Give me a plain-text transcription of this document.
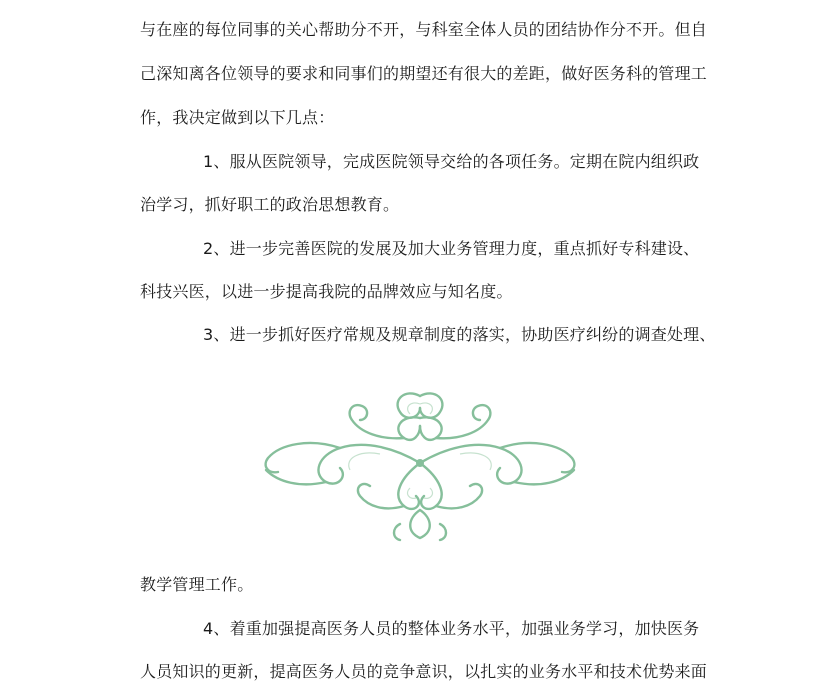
与在座的每位同事的关心帮助分不开，与科室全体人员的团结协作分不开。但自
己深知离各位领导的要求和同事们的期望还有很大的差距，做好医务科的管理工
作，我决定做到以下几点：
1、服从医院领导，完成医院领导交给的各项任务。定期在院内组织政
治学习，抓好职工的政治思想教育。
2、进一步完善医院的发展及加大业务管理力度，重点抓好专科建设、
科技兴医，以进一步提高我院的品牌效应与知名度。
3、进一步抓好医疗常规及规章制度的落实，协助医疗纠纷的调查处理、
教学管理工作。
4、着重加强提高医务人员的整体业务水平，加强业务学习，加快医务
人员知识的更新，提高医务人员的竞争意识，以扎实的业务水平和技术优势来面
